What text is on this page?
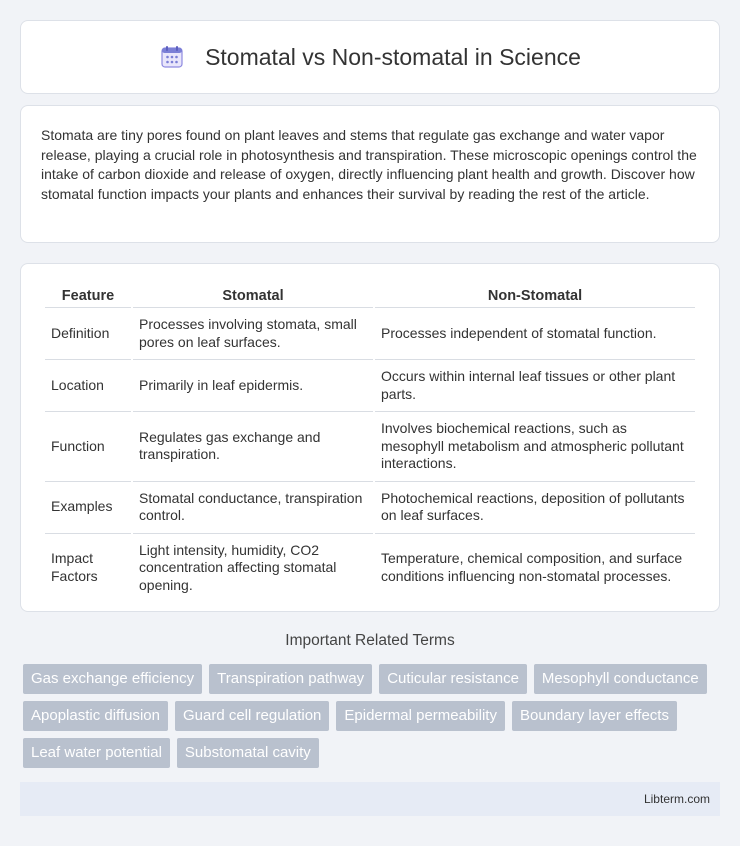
Stomatal vs Non-stomatal in Science

Stomata are tiny pores found on plant leaves and stems that regulate gas exchange and water vapor release, playing a crucial role in photosynthesis and transpiration. These microscopic openings control the intake of carbon dioxide and release of oxygen, directly influencing plant health and growth. Discover how stomatal function impacts your plants and enhances their survival by reading the rest of the article.

Feature	Stomatal	Non-Stomatal
Definition	Processes involving stomata, small pores on leaf surfaces.	Processes independent of stomatal function.
Location	Primarily in leaf epidermis.	Occurs within internal leaf tissues or other plant parts.
Function	Regulates gas exchange and transpiration.	Involves biochemical reactions, such as mesophyll metabolism and atmospheric pollutant interactions.
Examples	Stomatal conductance, transpiration control.	Photochemical reactions, deposition of pollutants on leaf surfaces.
Impact Factors	Light intensity, humidity, CO2 concentration affecting stomatal opening.	Temperature, chemical composition, and surface conditions influencing non-stomatal processes.
Important Related Terms
Gas exchange efficiency	Transpiration pathway	Cuticular resistance	Mesophyll conductance
Apoplastic diffusion	Guard cell regulation	Epidermal permeability	Boundary layer effects
Leaf water potential	Substomatal cavity
Libterm.com
